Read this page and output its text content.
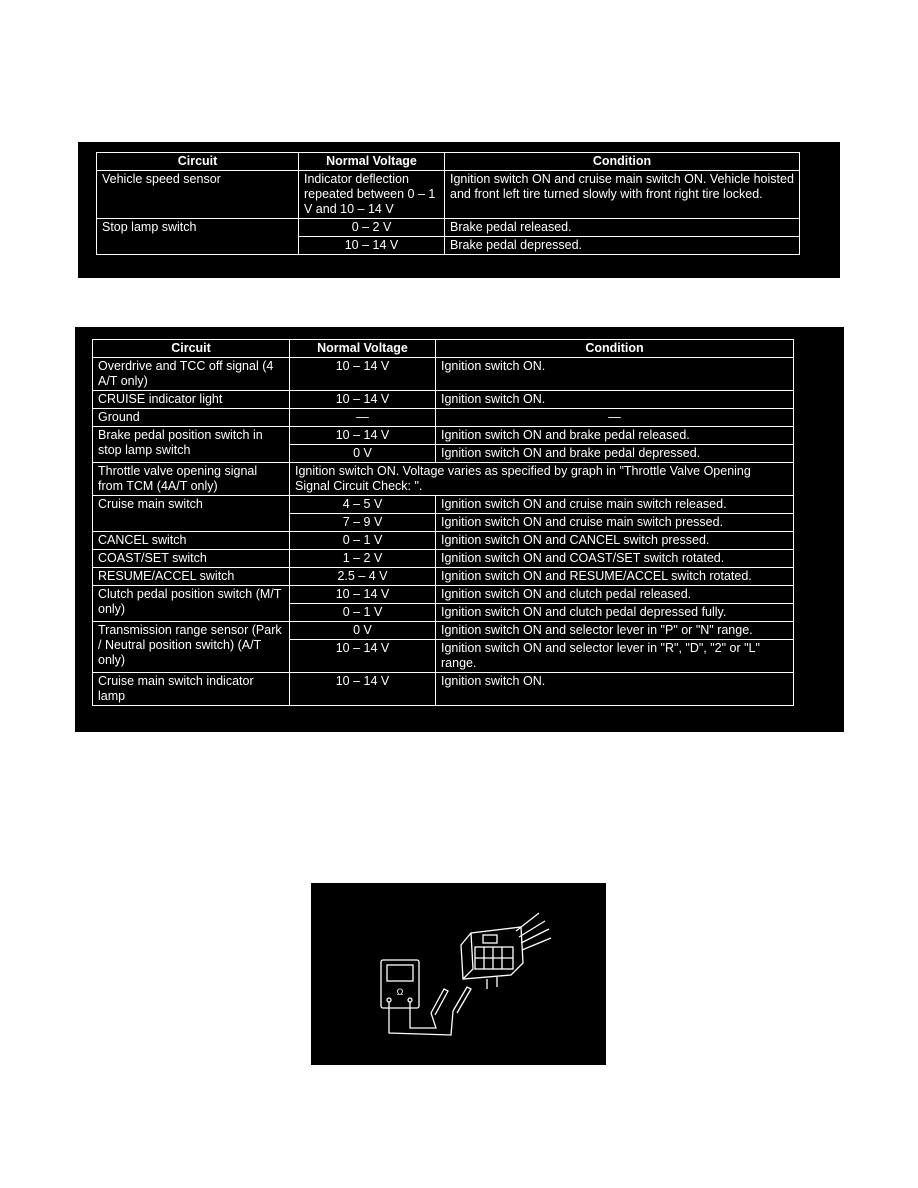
Circuit	Normal Voltage	Condition
Vehicle speed sensor	Indicator deflection repeated between 0 – 1 V and 10 – 14 V	Ignition switch ON and cruise main switch ON. Vehicle hoisted and front left tire turned slowly with front right tire locked.
Stop lamp switch	0 – 2 V	Brake pedal released.
	10 – 14 V	Brake pedal depressed.
Circuit	Normal Voltage	Condition
Overdrive and TCC off signal (4 A/T only)	10 – 14 V	Ignition switch ON.
CRUISE indicator light	10 – 14 V	Ignition switch ON.
Ground	—	—
Brake pedal position switch in stop lamp switch	10 – 14 V	Ignition switch ON and brake pedal released.
	0 V	Ignition switch ON and brake pedal depressed.
Throttle valve opening signal from TCM (4A/T only)	Ignition switch ON. Voltage varies as specified by graph in "Throttle Valve Opening Signal Circuit Check: ".	
Cruise main switch	4 – 5 V	Ignition switch ON and cruise main switch released.
	7 – 9 V	Ignition switch ON and cruise main switch pressed.
CANCEL switch	0 – 1 V	Ignition switch ON and CANCEL switch pressed.
COAST/SET switch	1 – 2 V	Ignition switch ON and COAST/SET switch rotated.
RESUME/ACCEL switch	2.5 – 4 V	Ignition switch ON and RESUME/ACCEL switch rotated.
Clutch pedal position switch (M/T only)	10 – 14 V	Ignition switch ON and clutch pedal released.
	0 – 1 V	Ignition switch ON and clutch pedal depressed fully.
Transmission range sensor (Park / Neutral position switch) (A/T only)	0 V	Ignition switch ON and selector lever in "P" or "N" range.
	10 – 14 V	Ignition switch ON and selector lever in "R", "D", "2" or "L" range.
Cruise main switch indicator lamp	10 – 14 V	Ignition switch ON.
Ω
